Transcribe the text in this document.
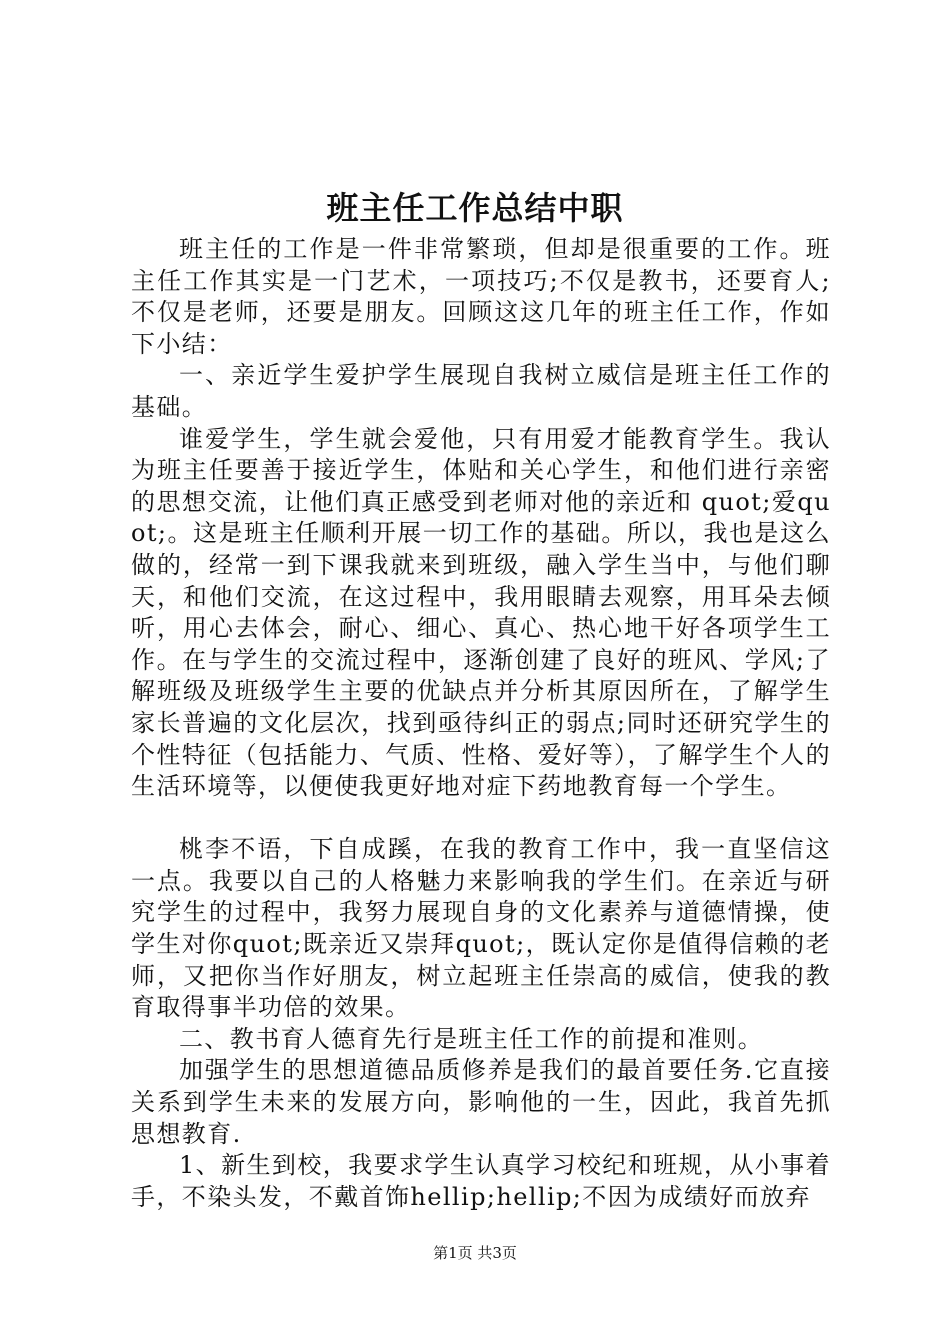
班主任工作总结中职

班主任的工作是一件非常繁琐，但却是很重要的工作。班主任工作其实是一门艺术，一项技巧;不仅是教书，还要育人;不仅是老师，还要是朋友。回顾这这几年的班主任工作，作如下小结：

一、亲近学生爱护学生展现自我树立威信是班主任工作的基础。

谁爱学生，学生就会爱他，只有用爱才能教育学生。我认为班主任要善于接近学生，体贴和关心学生，和他们进行亲密的思想交流，让他们真正感受到老师对他的亲近和 quot;爱quot;。这是班主任顺利开展一切工作的基础。所以，我也是这么做的，经常一到下课我就来到班级，融入学生当中，与他们聊天，和他们交流，在这过程中，我用眼睛去观察，用耳朵去倾听，用心去体会，耐心、细心、真心、热心地干好各项学生工作。在与学生的交流过程中，逐渐创建了良好的班风、学风;了解班级及班级学生主要的优缺点并分析其原因所在，了解学生家长普遍的文化层次，找到亟待纠正的弱点;同时还研究学生的个性特征（包括能力、气质、性格、爱好等），了解学生个人的生活环境等，以便使我更好地对症下药地教育每一个学生。

桃李不语，下自成蹊，在我的教育工作中，我一直坚信这一点。我要以自己的人格魅力来影响我的学生们。在亲近与研究学生的过程中，我努力展现自身的文化素养与道德情操，使学生对你quot;既亲近又崇拜quot;，既认定你是值得信赖的老师，又把你当作好朋友，树立起班主任崇高的威信，使我的教育取得事半功倍的效果。

二、教书育人德育先行是班主任工作的前提和准则。

加强学生的思想道德品质修养是我们的最首要任务.它直接关系到学生未来的发展方向，影响他的一生，因此，我首先抓思想教育.

1、新生到校，我要求学生认真学习校纪和班规，从小事着手，不染头发，不戴首饰hellip;hellip;不因为成绩好而放弃

第1页 共3页
